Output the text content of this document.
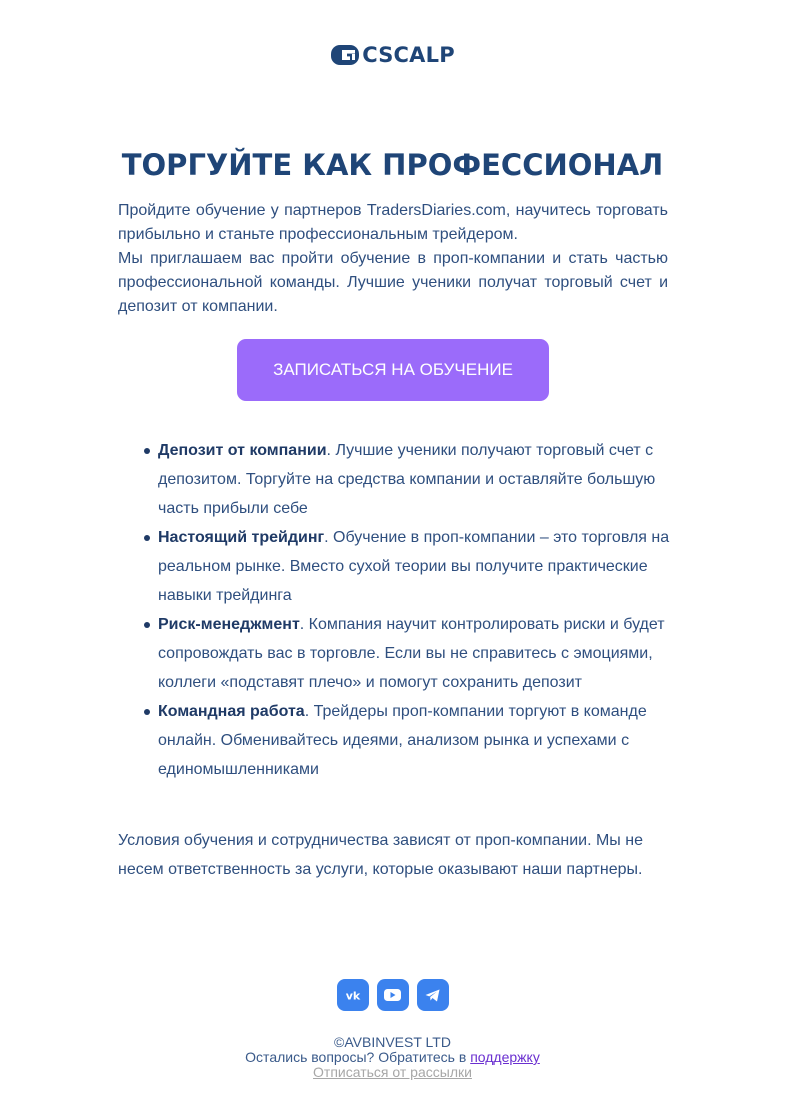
CSCALP
ТОРГУЙТЕ КАК ПРОФЕССИОНАЛ

Пройдите обучение у партнеров TradersDiaries.com, научитесь торговать прибыльно и станьте профессиональным трейдером.

Мы приглашаем вас пройти обучение в проп-компании и стать частью профессиональной команды. Лучшие ученики получат торговый счет и депозит от компании.

ЗАПИСАТЬСЯ НА ОБУЧЕНИЕ
Депозит от компании. Лучшие ученики получают торговый счет с депозитом. Торгуйте на средства компании и оставляйте большую часть прибыли себе
Настоящий трейдинг. Обучение в проп-компании – это торговля на реальном рынке. Вместо сухой теории вы получите практические навыки трейдинга
Риск-менеджмент. Компания научит контролировать риски и будет сопровождать вас в торговле. Если вы не справитесь с эмоциями, коллеги «подставят плечо» и помогут сохранить депозит
Командная работа. Трейдеры проп-компании торгуют в команде онлайн. Обменивайтесь идеями, анализом рынка и успехами с единомышленниками

Условия обучения и сотрудничества зависят от проп-компании. Мы не несем ответственность за услуги, которые оказывают наши партнеры.

vk
©AVBINVEST LTD
Остались вопросы? Обратитесь в поддержку
Отписаться от рассылки
